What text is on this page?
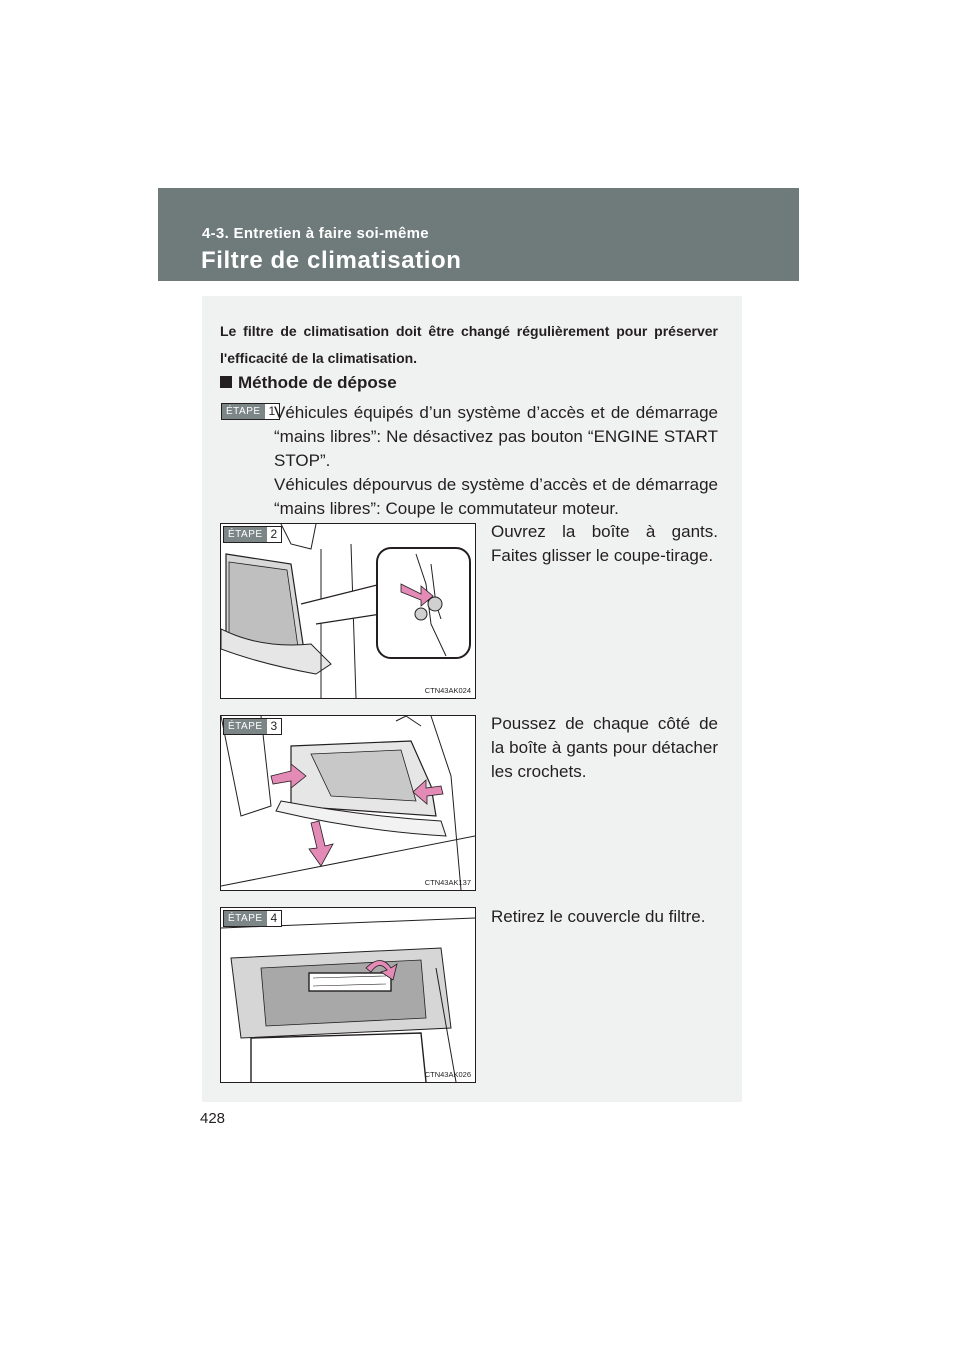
4-3. Entretien à faire soi-même
Filtre de climatisation
Le filtre de climatisation doit être changé régulièrement pour préserver l'efficacité de la climatisation.
Méthode de dépose
ÉTAPE 1

Véhicules équipés d’un système d’accès et de démarrage “mains libres”: Ne désactivez pas bouton “ENGINE START STOP”.

Véhicules dépourvus de système d’accès et de démarrage “mains libres”: Coupe le commutateur moteur.

ÉTAPE 2
CTN43AK024
Ouvrez la boîte à gants. Faites glisser le coupe-tirage.
ÉTAPE 3
CTN43AK137
Poussez de chaque côté de la boîte à gants pour détacher les crochets.
ÉTAPE 4
CTN43AK026
Retirez le couvercle du filtre.
428
